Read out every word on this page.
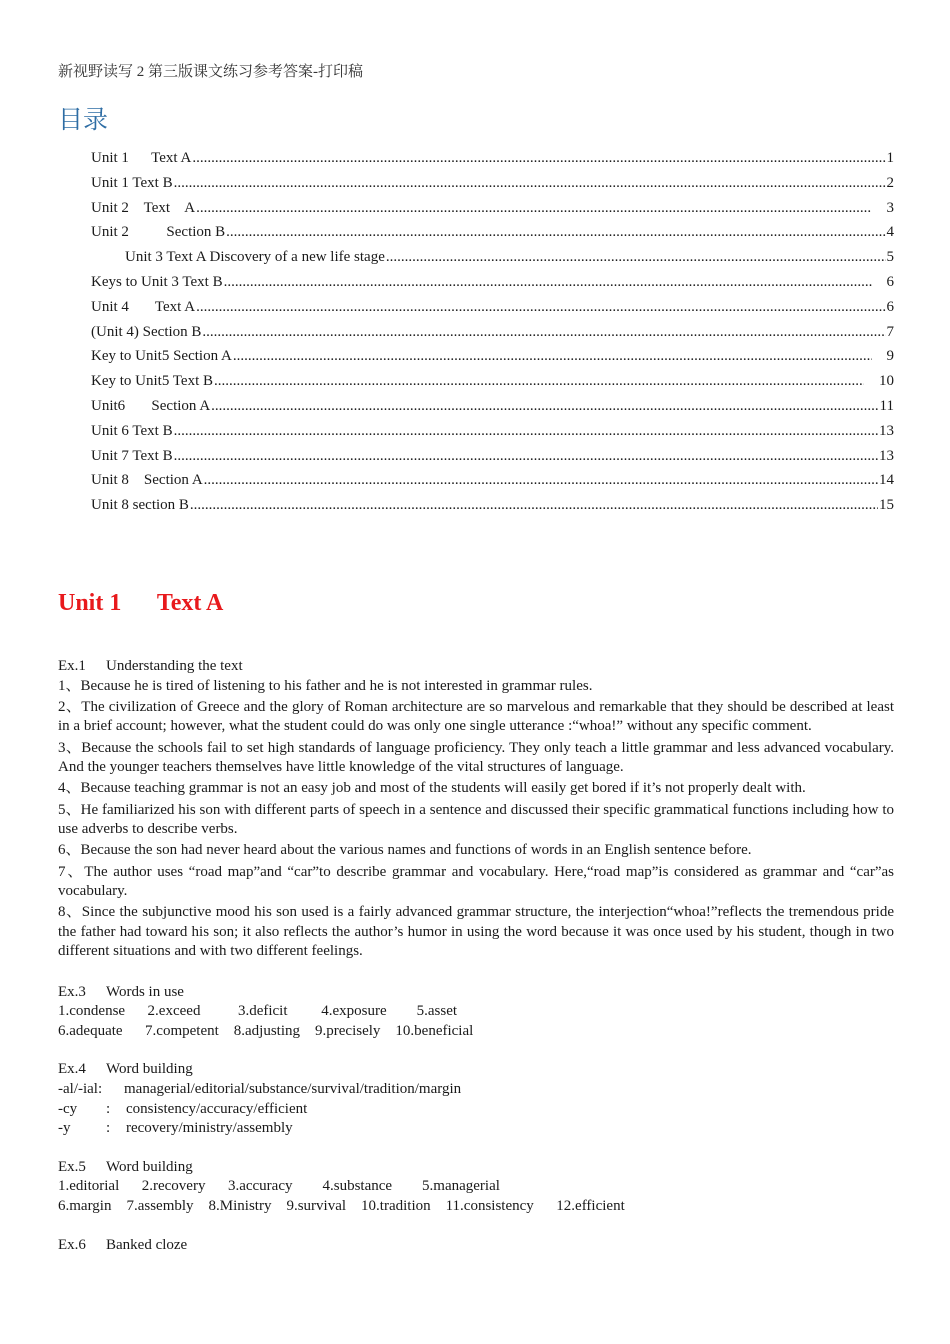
新视野读写 2 第三版课文练习参考答案-打印稿
目录
Unit 1      Text A .....	1
Unit 1 Text B .....	2
Unit 2    Text    A .....	3
Unit 2          Section B .....	4
Unit 3 Text A Discovery of a new life stage .....	5
Keys to Unit 3 Text B .....	6
Unit 4       Text A .....	6
(Unit 4) Section B .....	7
Key to Unit5 Section A .....	9
Key to Unit5 Text B .....	10
Unit6       Section A .....	11
Unit 6 Text B .....	13
Unit 7 Text B .....	13
Unit 8    Section A .....	14
Unit 8 section B .....	15
Unit 1      Text A
Ex.1 Understanding the text

1、Because he is tired of listening to his father and he is not interested in grammar rules.

2、The civilization of Greece and the glory of Roman architecture are so marvelous and remarkable that they should be described at least in a brief account; however, what the student could do was only one single utterance :“whoa!” without any specific comment.

3、Because the schools fail to set high standards of language proficiency. They only teach a little grammar and less advanced vocabulary. And the younger teachers themselves have little knowledge of the vital structures of language.

4、Because teaching grammar is not an easy job and most of the students will easily get bored if it’s not properly dealt with.

5、He familiarized his son with different parts of speech in a sentence and discussed their specific grammatical functions including how to use adverbs to describe verbs.

6、Because the son had never heard about the various names and functions of words in an English sentence before.

7、The author uses “road map”and “car”to describe grammar and vocabulary. Here,“road map”is considered as grammar and “car”as vocabulary.

8、Since the subjunctive mood his son used is a fairly advanced grammar structure, the interjection“whoa!”reflects the tremendous pride the father had toward his son; it also reflects the author’s humor in using the word because it was once used by his student, though in two different situations and with two different feelings.

Ex.3 Words in use

1.condense      2.exceed          3.deficit         4.exposure        5.asset

6.adequate      7.competent    8.adjusting    9.precisely    10.beneficial

Ex.4 Word building
-al/-ial:	managerial/editorial/substance/survival/tradition/margin
-cy	:	consistency/accuracy/efficient
-y	:	recovery/ministry/assembly
Ex.5 Word building

1.editorial      2.recovery      3.accuracy        4.substance        5.managerial

6.margin    7.assembly    8.Ministry    9.survival    10.tradition    11.consistency      12.efficient

Ex.6 Banked cloze
